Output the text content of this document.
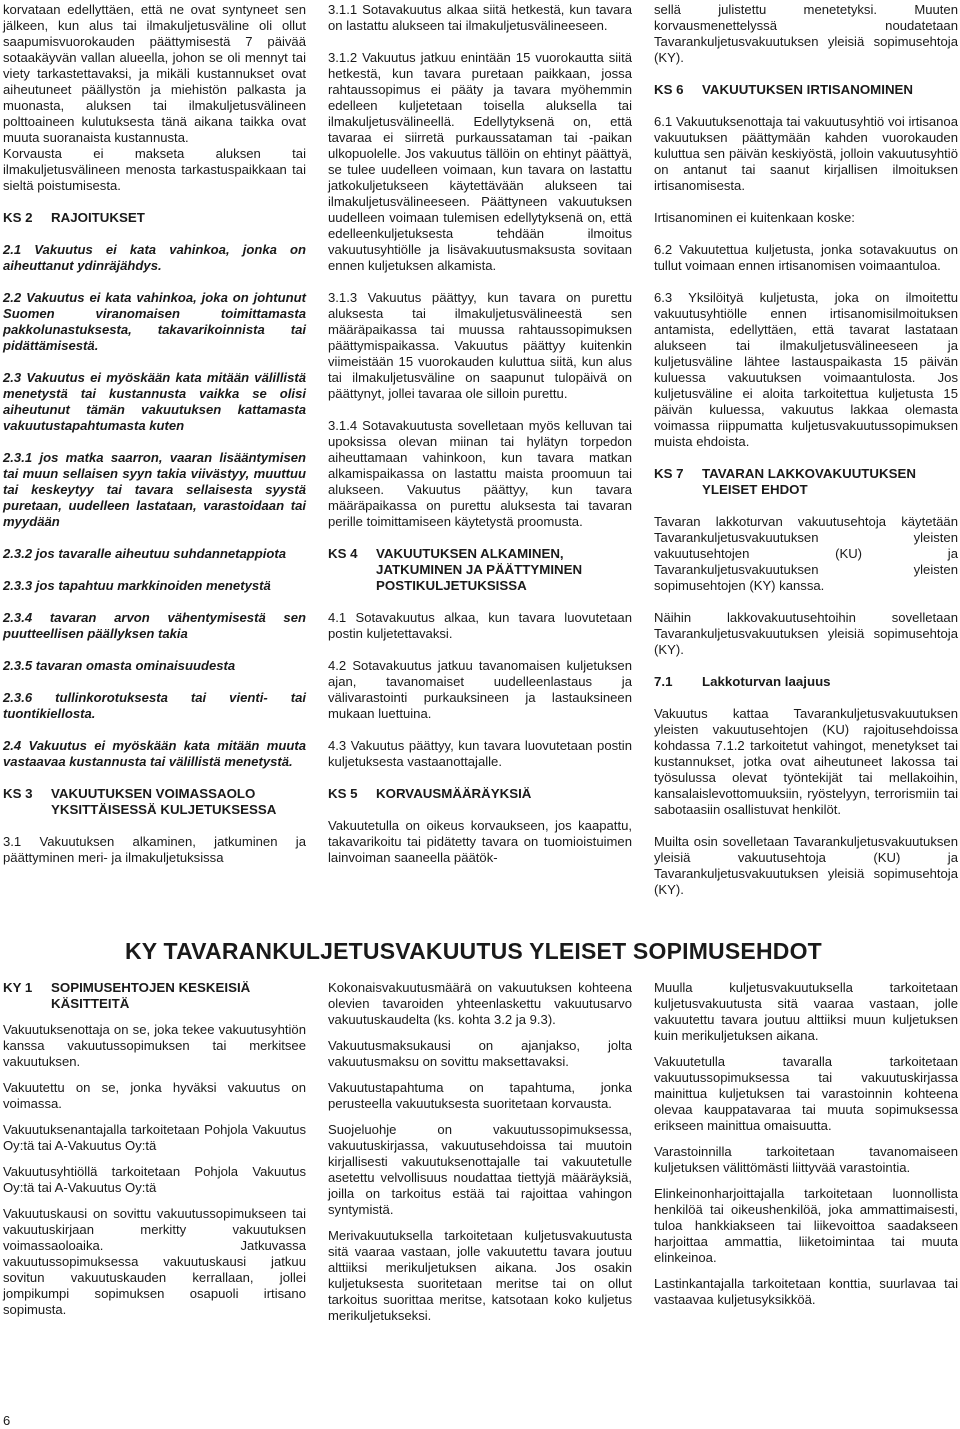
korvataan edellyttäen, että ne ovat syntyneet sen jälkeen, kun alus tai ilmakuljetusväline oli ollut saapumisvuorokauden päättymisestä 7 päivää sotaakäyvän vallan alueella, johon se oli mennyt tai viety tarkastettavaksi, ja mikäli kustannukset ovat aiheutuneet päällystön ja miehistön palkasta ja muonasta, aluksen tai ilmakuljetusvälineen polttoaineen kulutuksesta tänä aikana taikka ovat muuta suoranaista kustannusta.

Korvausta ei makseta aluksen tai ilmakuljetusvälineen menosta tarkastuspaikkaan tai sieltä poistumisesta.

KS 2	RAJOITUKSET

2.1 Vakuutus ei kata vahinkoa, jonka on aiheuttanut ydinräjähdys.

2.2 Vakuutus ei kata vahinkoa, joka on johtunut Suomen viranomaisen toimittamasta pakkolunastuksesta, takavarikoinnista tai pidättämisestä.

2.3 Vakuutus ei myöskään kata mitään välillistä menetystä tai kustannusta vaikka se olisi aiheutunut tämän vakuutuksen kattamasta vakuutustapahtumasta kuten

2.3.1 jos matka saarron, vaaran lisääntymisen tai muun sellaisen syyn takia viivästyy, muuttuu tai keskeytyy tai tavara sellaisesta syystä puretaan, uudelleen lastataan, varastoidaan tai myydään

2.3.2 jos tavaralle aiheutuu suhdannetappiota

2.3.3 jos tapahtuu markkinoiden menetystä

2.3.4 tavaran arvon vähentymisestä sen puutteellisen päällyksen takia

2.3.5 tavaran omasta ominaisuudesta

2.3.6 tullinkorotuksesta tai vienti- tai tuontikiellosta.

2.4 Vakuutus ei myöskään kata mitään muuta vastaavaa kustannusta tai välillistä menetystä.

KS 3	VAKUUTUKSEN VOIMASSAOLO YKSITTÄISESSÄ KULJETUKSESSA

3.1 Vakuutuksen alkaminen, jatkuminen ja päättyminen meri- ja ilmakuljetuksissa

3.1.1 Sotavakuutus alkaa siitä hetkestä, kun tavara on lastattu alukseen tai ilmakuljetusvälineeseen.

3.1.2 Vakuutus jatkuu enintään 15 vuorokautta siitä hetkestä, kun tavara puretaan paikkaan, jossa rahtaussopimus ei pääty ja tavara myöhemmin edelleen kuljetetaan toisella aluksella tai ilmakuljetusvälineellä. Edellytyksenä on, että tavaraa ei siirretä purkaussataman tai -paikan ulkopuolelle. Jos vakuutus tällöin on ehtinyt päättyä, se tulee uudelleen voimaan, kun tavara on lastattu jatkokuljetukseen käytettävään alukseen tai ilmakuljetusvälineeseen. Päättyneen vakuutuksen uudelleen voimaan tulemisen edellytyksenä on, että edelleenkuljetuksesta tehdään ilmoitus vakuutusyhtiölle ja lisävakuutusmaksusta sovitaan ennen kuljetuksen alkamista.

3.1.3 Vakuutus päättyy, kun tavara on purettu aluksesta tai ilmakuljetusvälineestä sen määräpaikassa tai muussa rahtaussopimuksen päättymispaikassa. Vakuutus päättyy kuitenkin viimeistään 15 vuorokauden kuluttua siitä, kun alus tai ilmakuljetusväline on saapunut tulopäivä on päättynyt, jollei tavaraa ole silloin purettu.

3.1.4 Sotavakuutusta sovelletaan myös kelluvan tai upoksissa olevan miinan tai hylätyn torpedon aiheuttamaan vahinkoon, kun tavara matkan alkamispaikassa on lastattu maista proomuun tai alukseen. Vakuutus päättyy, kun tavara määräpaikassa on purettu aluksesta tai tavaran perille toimittamiseen käytetystä proomusta.

KS 4	VAKUUTUKSEN ALKAMINEN, JATKUMINEN JA PÄÄTTYMINEN POSTIKULJETUKSISSA

4.1 Sotavakuutus alkaa, kun tavara luovutetaan postin kuljetettavaksi.

4.2 Sotavakuutus jatkuu tavanomaisen kuljetuksen ajan, tavanomaiset uudelleenlastaus ja välivarastointi purkauksineen ja lastauksineen mukaan luettuina.

4.3 Vakuutus päättyy, kun tavara luovutetaan postin kuljetuksesta vastaanottajalle.

KS 5	KORVAUSMÄÄRÄYKSIÄ

Vakuutetulla on oikeus korvaukseen, jos kaapattu, takavarikoitu tai pidätetty tavara on tuomioistuimen lainvoiman saaneella päätök-

sellä julistettu menetetyksi. Muuten korvausmenettelyssä noudatetaan Tavarankuljetusvakuutuksen yleisiä sopimusehtoja (KY).

KS 6	VAKUUTUKSEN IRTISANOMINEN

6.1 Vakuutuksenottaja tai vakuutusyhtiö voi irtisanoa vakuutuksen päättymään kahden vuorokauden kuluttua sen päivän keskiyöstä, jolloin vakuutusyhtiö on antanut tai saanut kirjallisen ilmoituksen irtisanomisesta.

Irtisanominen ei kuitenkaan koske:

6.2 Vakuutettua kuljetusta, jonka sotavakuutus on tullut voimaan ennen irtisanomisen voimaantuloa.

6.3 Yksilöityä kuljetusta, joka on ilmoitettu vakuutusyhtiölle ennen irtisanomisilmoituksen antamista, edellyttäen, että tavarat lastataan alukseen tai ilmakuljetusvälineeseen ja kuljetusväline lähtee lastauspaikasta 15 päivän kuluessa vakuutuksen voimaantulosta. Jos kuljetusväline ei aloita tarkoitettua kuljetusta 15 päivän kuluessa, vakuutus lakkaa olemasta voimassa riippumatta kuljetusvakuutussopimuksen muista ehdoista.

KS 7	TAVARAN LAKKOVAKUUTUKSEN YLEISET EHDOT

Tavaran lakkoturvan vakuutusehtoja käytetään Tavarankuljetusvakuutuksen yleisten vakuutusehtojen (KU) ja Tavarankuljetusvakuutuksen yleisten sopimusehtojen (KY) kanssa.

Näihin lakkovakuutusehtoihin sovelletaan Tavarankuljetusvakuutuksen yleisiä sopimusehtoja (KY).

7.1	Lakkoturvan laajuus

Vakuutus kattaa Tavarankuljetusvakuutuksen yleisten vakuutusehtojen (KU) rajoitusehdoissa kohdassa 7.1.2 tarkoitetut vahingot, menetykset tai kustannukset, jotka ovat aiheutuneet lakossa tai työsulussa olevat työntekijät tai mellakoihin, kansalaislevottomuuksiin, ryöstelyyn, terrorismiin tai sabotaasiin osallistuvat henkilöt.

Muilta osin sovelletaan Tavarankuljetusvakuutuksen yleisiä vakuutusehtoja (KU) ja Tavarankuljetusvakuutuksen yleisiä sopimusehtoja (KY).

KY TAVARANKULJETUSVAKUUTUS YLEISET SOPIMUSEHDOT
KY 1	SOPIMUSEHTOJEN KESKEISIÄ KÄSITTEITÄ

Vakuutuksenottaja on se, joka tekee vakuutusyhtiön kanssa vakuutussopimuksen tai merkitsee vakuutuksen.

Vakuutettu on se, jonka hyväksi vakuutus on voimassa.

Vakuutuksenantajalla tarkoitetaan Pohjola Vakuutus Oy:tä tai A-Vakuutus Oy:tä

Vakuutusyhtiöllä tarkoitetaan Pohjola Vakuutus Oy:tä tai A-Vakuutus Oy:tä

Vakuutuskausi on sovittu vakuutussopimukseen tai vakuutuskirjaan merkitty vakuutuksen voimassaoloaika. Jatkuvassa vakuutussopimuksessa vakuutuskausi jatkuu sovitun vakuutuskauden kerrallaan, jollei jompikumpi sopimuksen osapuoli irtisano sopimusta.

Kokonaisvakuutusmäärä on vakuutuksen kohteena olevien tavaroiden yhteenlaskettu vakuutusarvo vakuutuskaudelta (ks. kohta 3.2 ja 9.3).

Vakuutusmaksukausi on ajanjakso, jolta vakuutusmaksu on sovittu maksettavaksi.

Vakuutustapahtuma on tapahtuma, jonka perusteella vakuutuksesta suoritetaan korvausta.

Suojeluohje on vakuutussopimuksessa, vakuutuskirjassa, vakuutusehdoissa tai muutoin kirjallisesti vakuutuksenottajalle tai vakuutetulle asetettu velvollisuus noudattaa tiettyjä määräyksiä, joilla on tarkoitus estää tai rajoittaa vahingon syntymistä.

Merivakuutuksella tarkoitetaan kuljetusvakuutusta sitä vaaraa vastaan, jolle vakuutettu tavara joutuu alttiiksi merikuljetuksen aikana. Jos osakin kuljetuksesta suoritetaan meritse tai on ollut tarkoitus suorittaa meritse, katsotaan koko kuljetus merikuljetukseksi.

Muulla kuljetusvakuutuksella tarkoitetaan kuljetusvakuutusta sitä vaaraa vastaan, jolle vakuutettu tavara joutuu alttiiksi muun kuljetuksen kuin merikuljetuksen aikana.

Vakuutetulla tavaralla tarkoitetaan vakuutussopimuksessa tai vakuutuskirjassa mainittua kuljetuksen tai varastoinnin kohteena olevaa kauppatavaraa tai muuta sopimuksessa erikseen mainittua omaisuutta.

Varastoinnilla tarkoitetaan tavanomaiseen kuljetuksen välittömästi liittyvää varastointia.

Elinkeinonharjoittajalla tarkoitetaan luonnollista henkilöä tai oikeushenkilöä, joka ammattimaisesti, tuloa hankkiakseen tai liikevoittoa saadakseen harjoittaa ammattia, liiketoimintaa tai muuta elinkeinoa.

Lastinkantajalla tarkoitetaan konttia, suurlavaa tai vastaavaa kuljetusyksikköä.

6
